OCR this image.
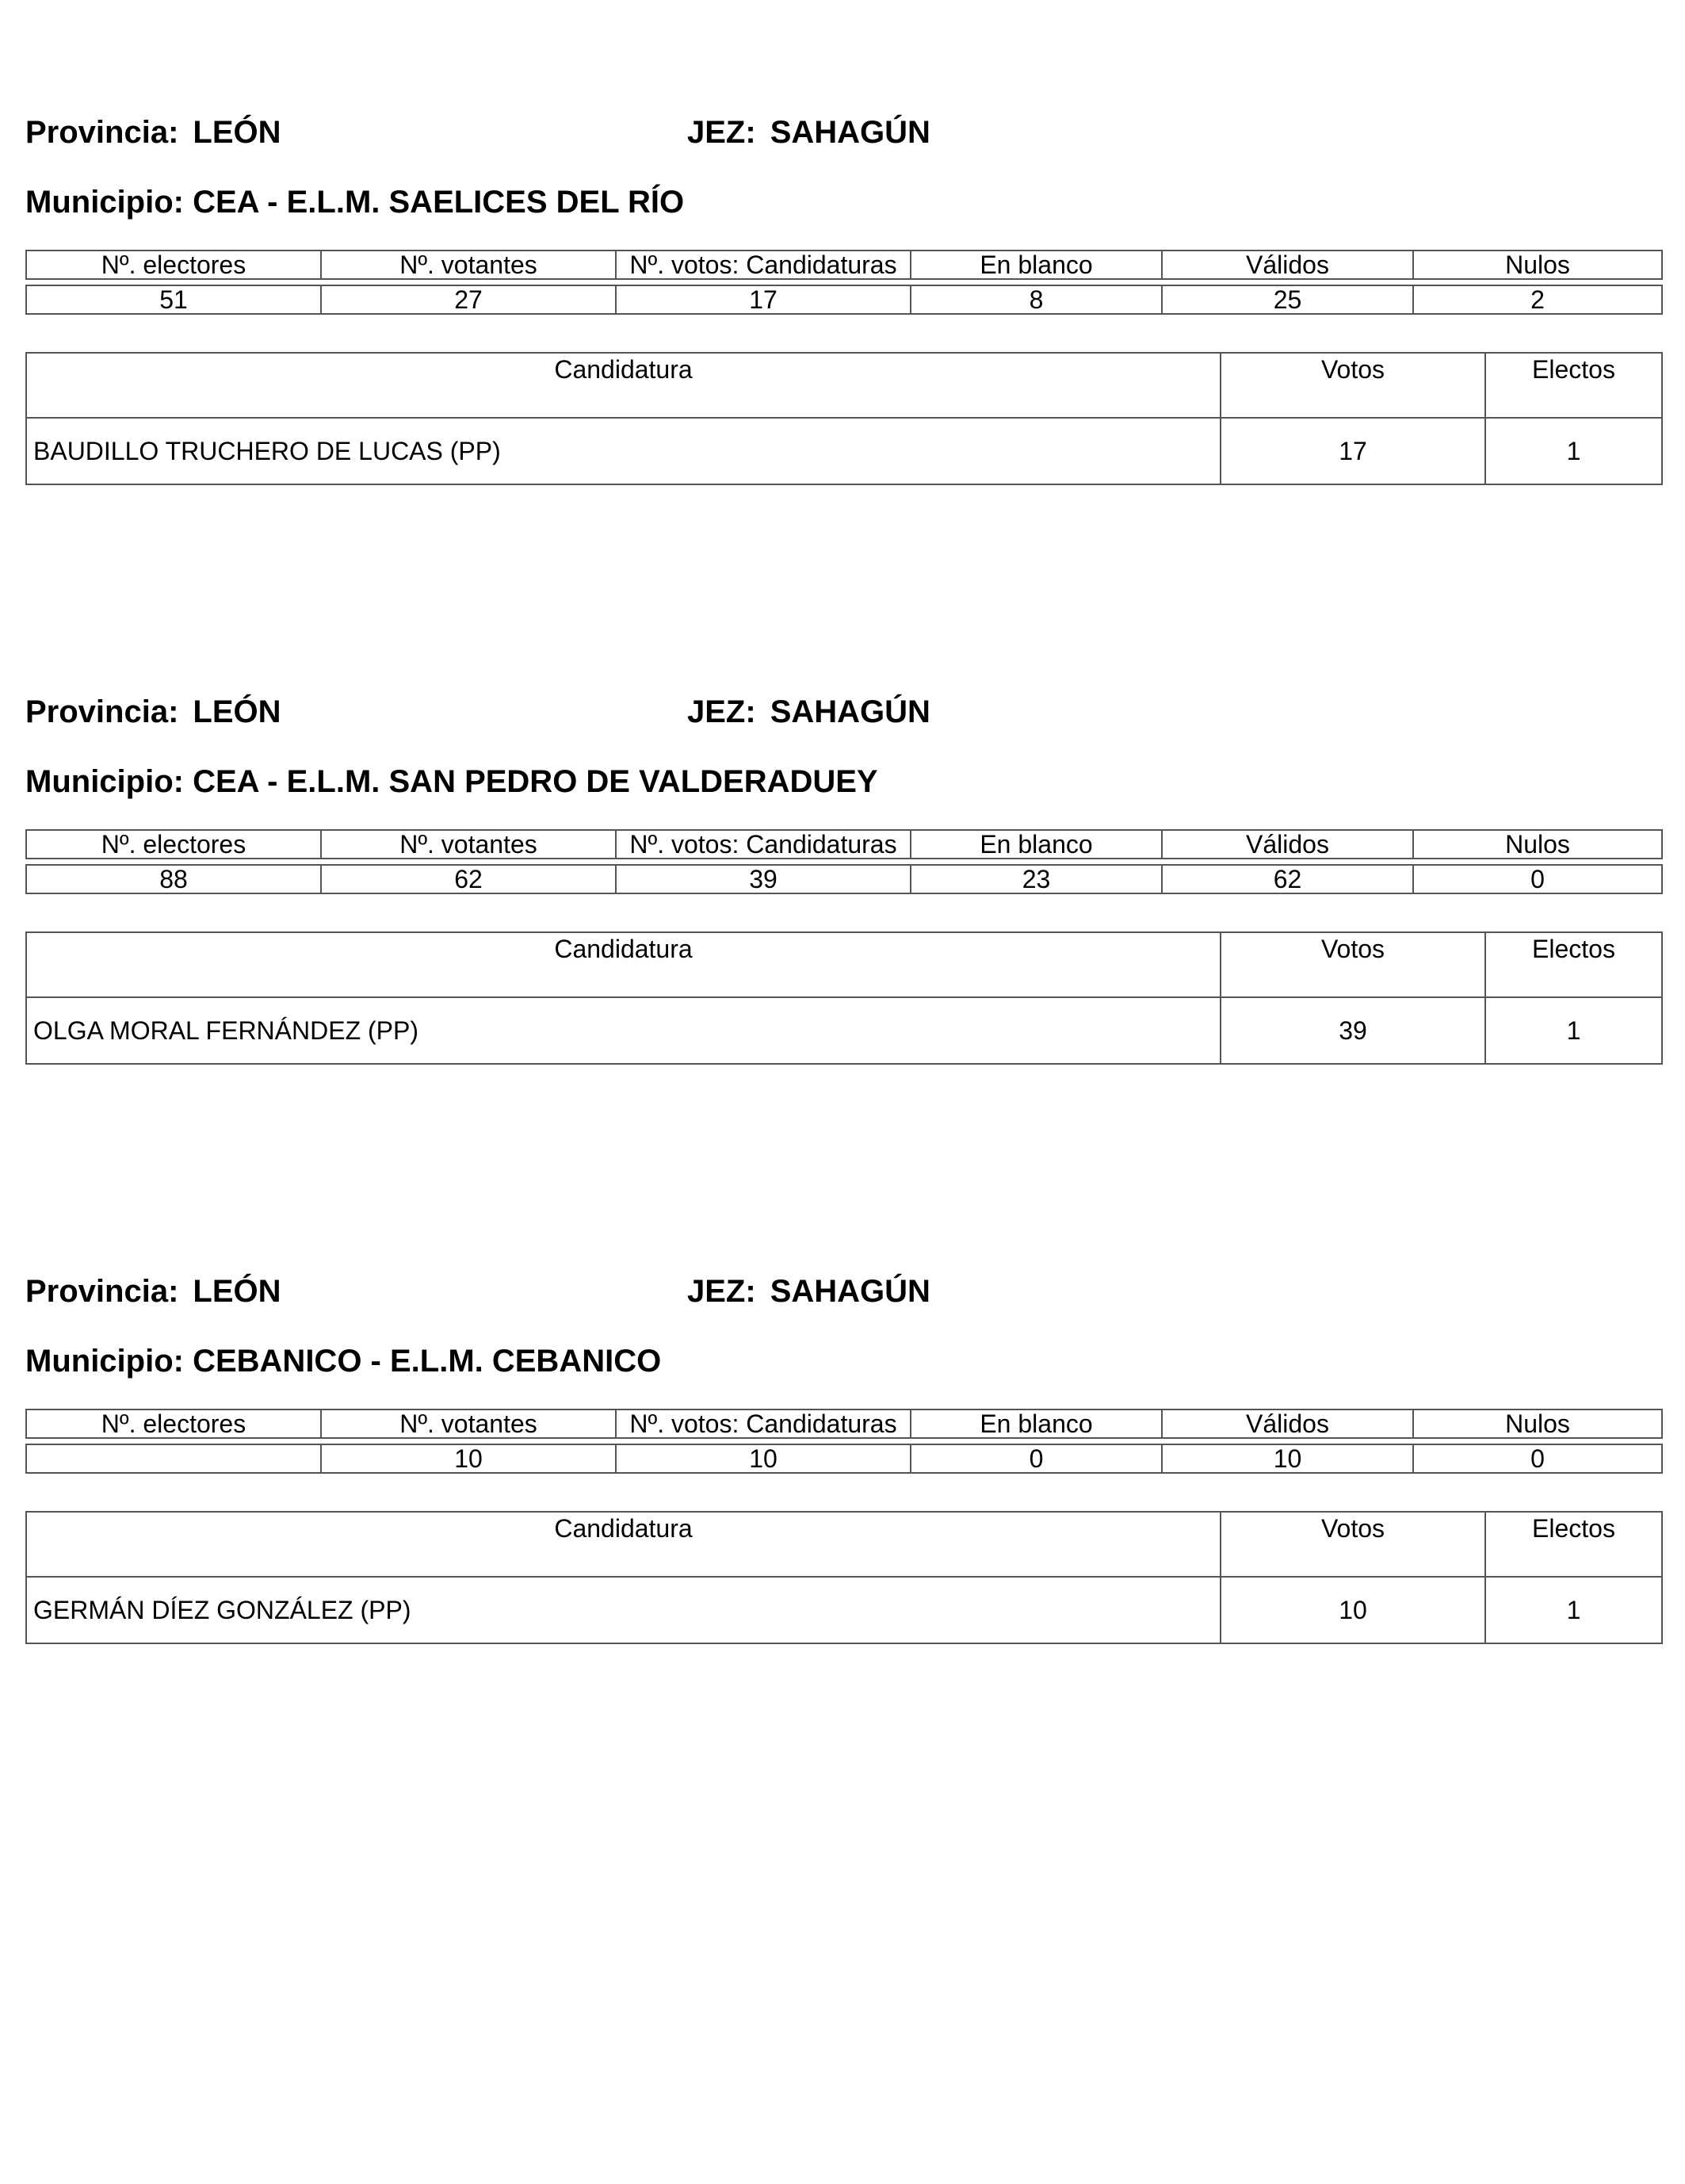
Provincia: LEÓN	JEZ: SAHAGÚN
Municipio: CEA - E.L.M. SAELICES DEL RÍO
Nº. electores	Nº. votantes	Nº. votos: Candidaturas	En blanco	Válidos	Nulos

51	27	17	8	25	2
Candidatura	Votos	Electos
BAUDILLO TRUCHERO DE LUCAS (PP)	17	1
Provincia: LEÓN	JEZ: SAHAGÚN
Municipio: CEA - E.L.M. SAN PEDRO DE VALDERADUEY
Nº. electores	Nº. votantes	Nº. votos: Candidaturas	En blanco	Válidos	Nulos

88	62	39	23	62	0
Candidatura	Votos	Electos
OLGA MORAL FERNÁNDEZ (PP)	39	1
Provincia: LEÓN	JEZ: SAHAGÚN
Municipio: CEBANICO - E.L.M. CEBANICO
Nº. electores	Nº. votantes	Nº. votos: Candidaturas	En blanco	Válidos	Nulos

	10	10	0	10	0
Candidatura	Votos	Electos
GERMÁN DÍEZ GONZÁLEZ (PP)	10	1
